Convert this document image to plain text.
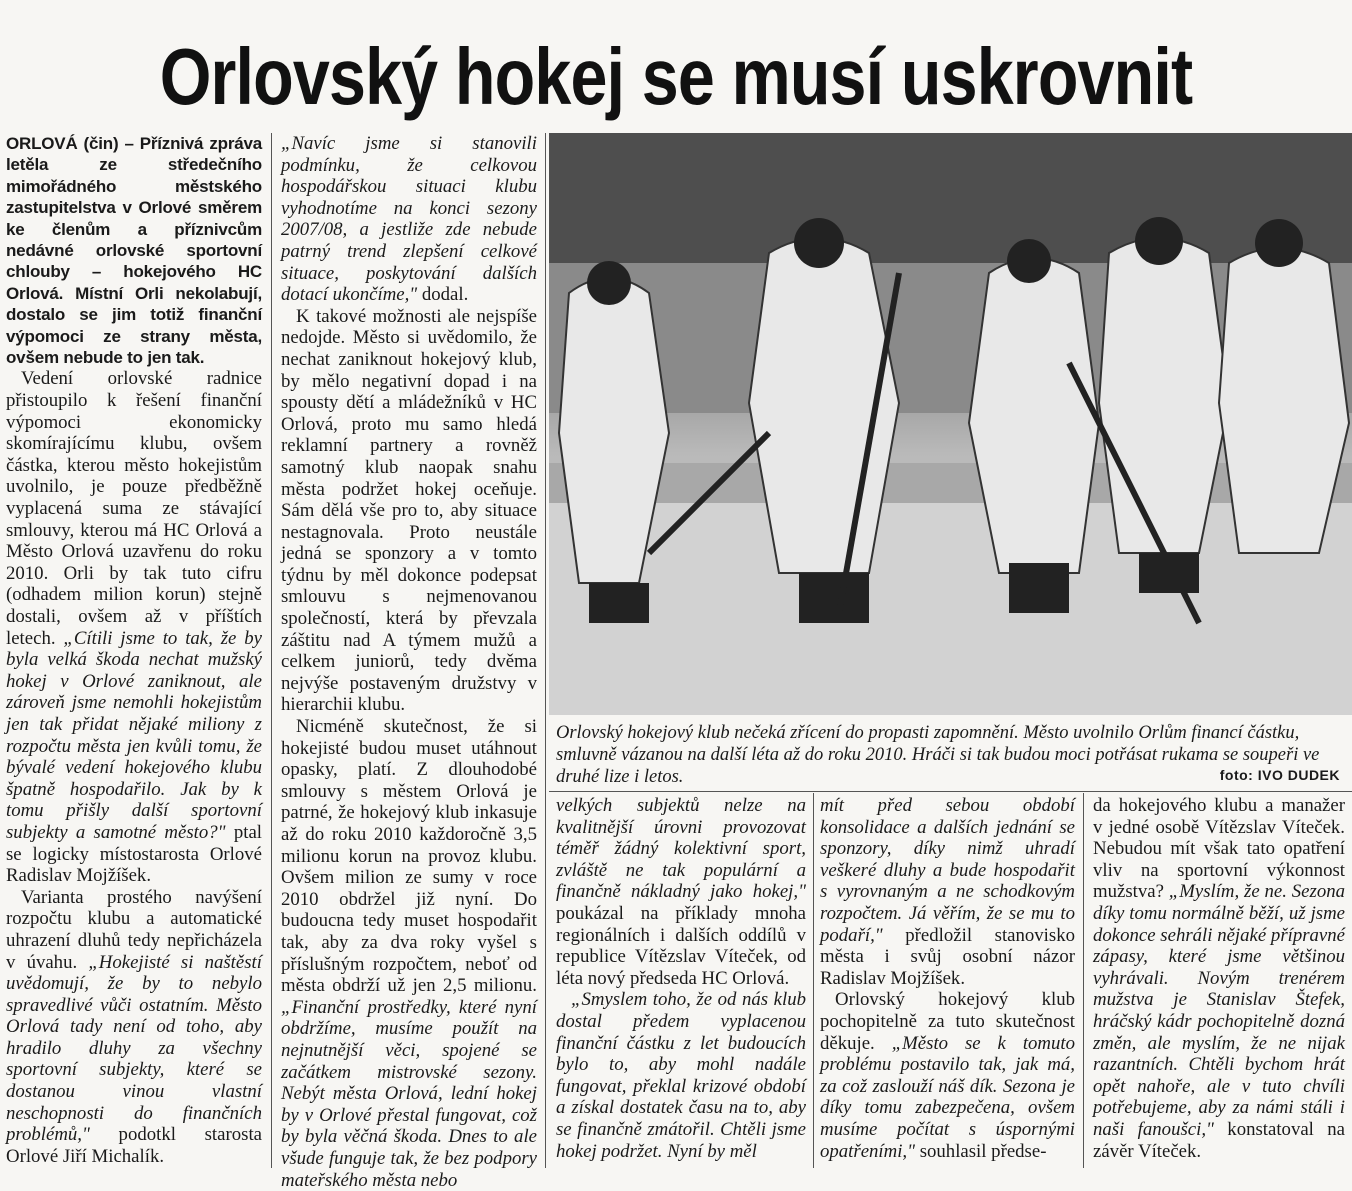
Orlovský hokej se musí uskrovnit

ORLOVÁ (čin) – Příznivá zpráva letěla ze středečního mimořádného městského zastupitelstva v Orlové směrem ke členům a příznivcům nedávné orlovské sportovní chlouby – hokejového HC Orlová. Místní Orli nekolabují, dostalo se jim totiž finanční výpomoci ze strany města, ovšem nebude to jen tak.

Vedení orlovské radnice přistoupilo k řešení finanční výpomoci ekonomicky skomírajícímu klubu, ovšem částka, kterou město hokejistům uvolnilo, je pouze předběžně vyplacená suma ze stávající smlouvy, kterou má HC Orlová a Město Orlová uzavřenu do roku 2010. Orli by tak tuto cifru (odhadem milion korun) stejně dostali, ovšem až v příštích letech. „Cítili jsme to tak, že by byla velká škoda nechat mužský hokej v Orlové zaniknout, ale zároveň jsme nemohli hokejistům jen tak přidat nějaké miliony z rozpočtu města jen kvůli tomu, že bývalé vedení hokejového klubu špatně hospodařilo. Jak by k tomu přišly další sportovní subjekty a samotné město?" ptal se logicky místostarosta Orlové Radislav Mojžíšek.

Varianta prostého navýšení rozpočtu klubu a automatické uhrazení dluhů tedy nepřicházela v úvahu. „Hokejisté si naštěstí uvědomují, že by to nebylo spravedlivé vůči ostatním. Město Orlová tady není od toho, aby hradilo dluhy za všechny sportovní subjekty, které se dostanou vinou vlastní neschopnosti do finančních problémů," podotkl starosta Orlové Jiří Michalík.

„Navíc jsme si stanovili podmínku, že celkovou hospodářskou situaci klubu vyhodnotíme na konci sezony 2007/08, a jestliže zde nebude patrný trend zlepšení celkové situace, poskytování dalších dotací ukončíme," dodal.

K takové možnosti ale nejspíše nedojde. Město si uvědomilo, že nechat zaniknout hokejový klub, by mělo negativní dopad i na spousty dětí a mládežníků v HC Orlová, proto mu samo hledá reklamní partnery a rovněž samotný klub naopak snahu města podržet hokej oceňuje. Sám dělá vše pro to, aby situace nestagnovala. Proto neustále jedná se sponzory a v tomto týdnu by měl dokonce podepsat smlouvu s nejmenovanou společností, která by převzala záštitu nad A týmem mužů a celkem juniorů, tedy dvěma nejvýše postaveným družstvy v hierarchii klubu.

Nicméně skutečnost, že si hokejisté budou muset utáhnout opasky, platí. Z dlouhodobé smlouvy s městem Orlová je patrné, že hokejový klub inkasuje až do roku 2010 každoročně 3,5 milionu korun na provoz klubu. Ovšem milion ze sumy v roce 2010 obdržel již nyní. Do budoucna tedy muset hospodařit tak, aby za dva roky vyšel s příslušným rozpočtem, neboť od města obdrží už jen 2,5 milionu. „Finanční prostředky, které nyní obdržíme, musíme použít na nejnutnější věci, spojené se začátkem mistrovské sezony. Nebýt města Orlová, lední hokej by v Orlové přestal fungovat, což by byla věčná škoda. Dnes to ale všude funguje tak, že bez podpory mateřského města nebo

Orlovský hokejový klub nečeká zřícení do propasti zapomnění. Město uvolnilo Orlům financí částku, smluvně vázanou na další léta až do roku 2010. Hráči si tak budou moci potřásat rukama se soupeři ve druhé lize i letos.	foto: IVO DUDEK

velkých subjektů nelze na kvalitnější úrovni provozovat téměř žádný kolektivní sport, zvláště ne tak populární a finančně nákladný jako hokej," poukázal na příklady mnoha regionálních i dalších oddílů v republice Vítězslav Víteček, od léta nový předseda HC Orlová.

„Smyslem toho, že od nás klub dostal předem vyplacenou finanční částku z let budoucích bylo to, aby mohl nadále fungovat, překlal krizové období a získal dostatek času na to, aby se finančně zmátořil. Chtěli jsme hokej podržet. Nyní by měl

mít před sebou období konsolidace a dalších jednání se sponzory, díky nimž uhradí veškeré dluhy a bude hospodařit s vyrovnaným a ne schodkovým rozpočtem. Já věřím, že se mu to podaří," předložil stanovisko města i svůj osobní názor Radislav Mojžíšek.

Orlovský hokejový klub pochopitelně za tuto skutečnost děkuje. „Město se k tomuto problému postavilo tak, jak má, za což zaslouží náš dík. Sezona je díky tomu zabezpečena, ovšem musíme počítat s úspornými opatřeními," souhlasil předse-

da hokejového klubu a manažer v jedné osobě Vítězslav Víteček. Nebudou mít však tato opatření vliv na sportovní výkonnost mužstva? „Myslím, že ne. Sezona díky tomu normálně běží, už jsme dokonce sehráli nějaké přípravné zápasy, které jsme většinou vyhrávali. Novým trenérem mužstva je Stanislav Štefek, hráčský kádr pochopitelně dozná změn, ale myslím, že ne nijak razantních. Chtěli bychom hrát opět nahoře, ale v tuto chvíli potřebujeme, aby za námi stáli i naši fanoušci," konstatoval na závěr Víteček.
